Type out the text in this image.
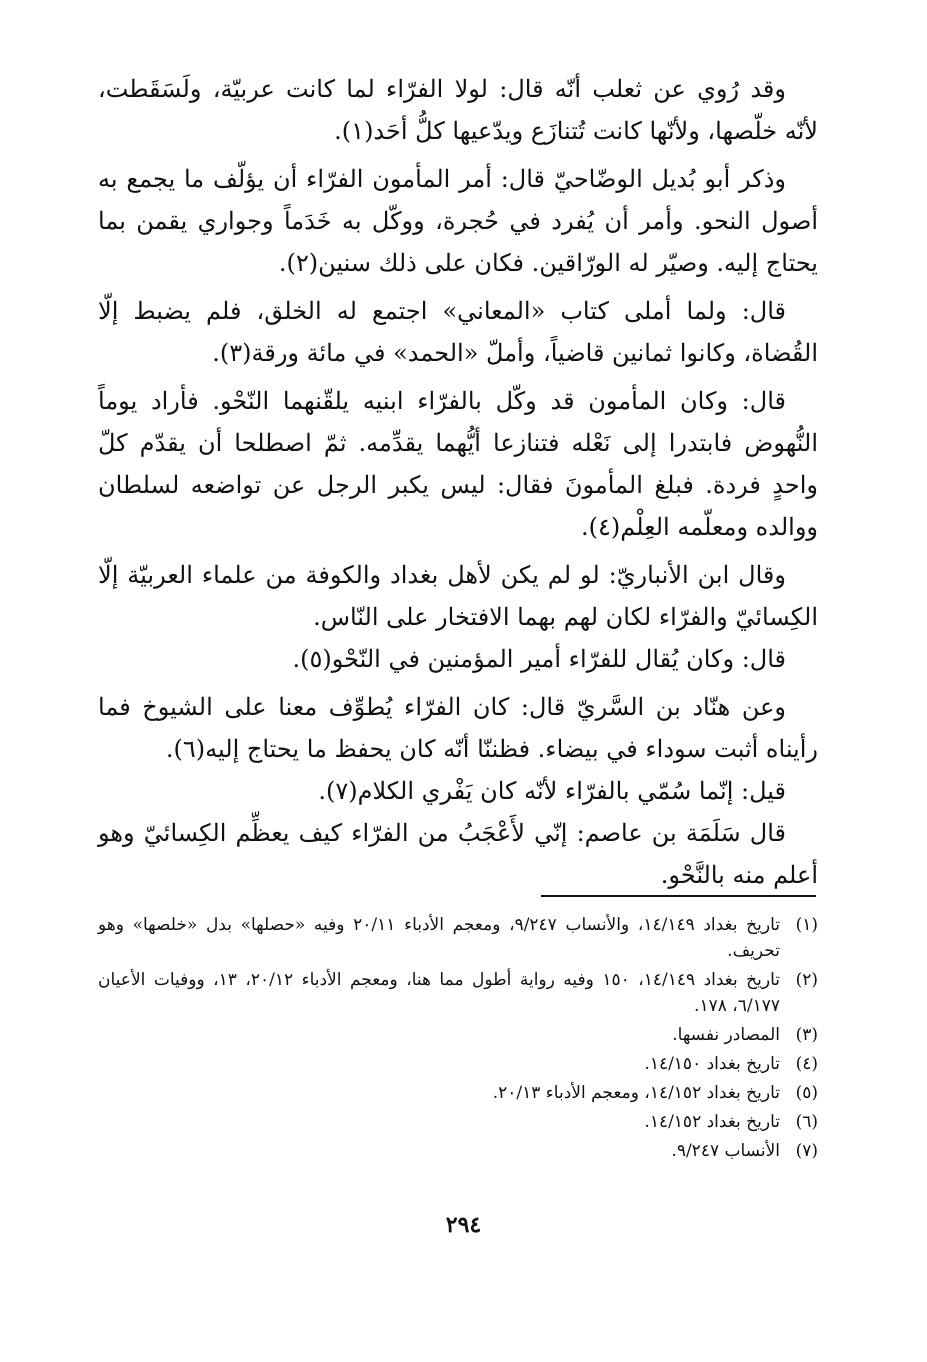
وقد رُوي عن ثعلب أنّه قال: لولا الفرّاء لما كانت عربيّة، ولَسَقَطت، لأنّه خلّصها، ولأنّها كانت تُتنازَع ويدّعيها كلُّ أحَد(١).

وذكر أبو بُديل الوضّاحيّ قال: أمر المأمون الفرّاء أن يؤلّف ما يجمع به أصول النحو. وأمر أن يُفرد في حُجرة، ووكّل به خَدَماً وجواري يقمن بما يحتاج إليه. وصيّر له الورّاقين. فكان على ذلك سنين(٢).

قال: ولما أملى كتاب «المعاني» اجتمع له الخلق، فلم يضبط إلّا القُضاة، وكانوا ثمانين قاضياً، وأملّ «الحمد» في مائة ورقة(٣).

قال: وكان المأمون قد وكّل بالفرّاء ابنيه يلقّنهما النّحْو. فأراد يوماً النُّهوض فابتدرا إلى نَعْله فتنازعا أيُّهما يقدِّمه. ثمّ اصطلحا أن يقدّم كلّ واحدٍ فردة. فبلغ المأمونَ فقال: ليس يكبر الرجل عن تواضعه لسلطان ووالده ومعلّمه العِلْم(٤).

وقال ابن الأنباريّ: لو لم يكن لأهل بغداد والكوفة من علماء العربيّة إلّا الكِسائيّ والفرّاء لكان لهم بهما الافتخار على النّاس.

قال: وكان يُقال للفرّاء أمير المؤمنين في النّحْو(٥).

وعن هنّاد بن السَّريّ قال: كان الفرّاء يُطوِّف معنا على الشيوخ فما رأيناه أثبت سوداء في بيضاء. فظننّا أنّه كان يحفظ ما يحتاج إليه(٦).

قيل: إنّما سُمّي بالفرّاء لأنّه كان يَفْري الكلام(٧).

قال سَلَمَة بن عاصم: إنّي لأَعْجَبُ من الفرّاء كيف يعظِّم الكِسائيّ وهو أعلم منه بالنَّحْو.

(١)
تاريخ بغداد ١٤/١٤٩، والأنساب ٩/٢٤٧، ومعجم الأدباء ٢٠/١١ وفيه «حصلها» بدل «خلصها» وهو تحريف.
(٢)
تاريخ بغداد ١٤/١٤٩، ١٥٠ وفيه رواية أطول مما هنا، ومعجم الأدباء ٢٠/١٢، ١٣، ووفيات الأعيان ٦/١٧٧، ١٧٨.
(٣)
المصادر نفسها.
(٤)
تاريخ بغداد ١٤/١٥٠.
(٥)
تاريخ بغداد ١٤/١٥٢، ومعجم الأدباء ٢٠/١٣.
(٦)
تاريخ بغداد ١٤/١٥٢.
(٧)
الأنساب ٩/٢٤٧.
٢٩٤
